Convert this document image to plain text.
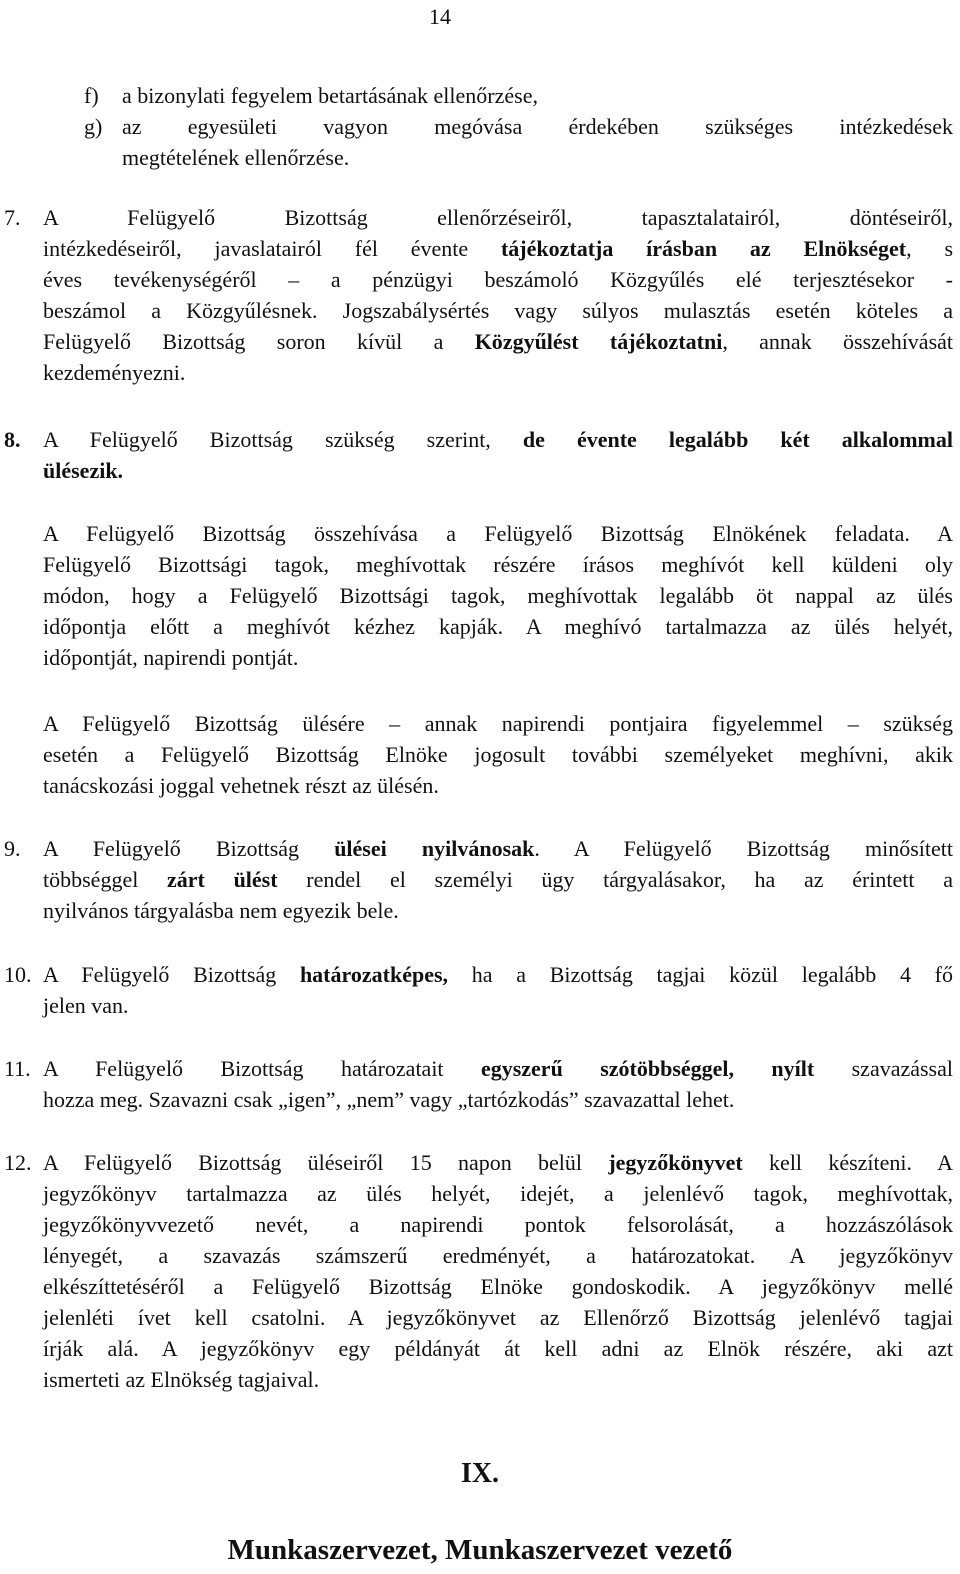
14
f) a bizonylati fegyelem betartásának ellenőrzése,
g) az egyesületi vagyon megóvása érdekében szükséges intézkedések
megtételének ellenőrzése.
7. A Felügyelő Bizottság ellenőrzéseiről, tapasztalatairól, döntéseiről,
intézkedéseiről, javaslatairól fél évente tájékoztatja írásban az Elnökséget, s
éves tevékenységéről – a pénzügyi beszámoló Közgyűlés elé terjesztésekor -
beszámol a Közgyűlésnek. Jogszabálysértés vagy súlyos mulasztás esetén köteles a
Felügyelő Bizottság soron kívül a Közgyűlést tájékoztatni, annak összehívását
kezdeményezni.
8. A Felügyelő Bizottság szükség szerint, de évente legalább két alkalommal
ülésezik.
A Felügyelő Bizottság összehívása a Felügyelő Bizottság Elnökének feladata. A
Felügyelő Bizottsági tagok, meghívottak részére írásos meghívót kell küldeni oly
módon, hogy a Felügyelő Bizottsági tagok, meghívottak legalább öt nappal az ülés
időpontja előtt a meghívót kézhez kapják. A meghívó tartalmazza az ülés helyét,
időpontját, napirendi pontját.
A Felügyelő Bizottság ülésére – annak napirendi pontjaira figyelemmel – szükség
esetén a Felügyelő Bizottság Elnöke jogosult további személyeket meghívni, akik
tanácskozási joggal vehetnek részt az ülésén.
9. A Felügyelő Bizottság ülései nyilvánosak. A Felügyelő Bizottság minősített
többséggel zárt ülést rendel el személyi ügy tárgyalásakor, ha az érintett a
nyilvános tárgyalásba nem egyezik bele.
10. A Felügyelő Bizottság határozatképes, ha a Bizottság tagjai közül legalább 4 fő
jelen van.
11. A Felügyelő Bizottság határozatait egyszerű szótöbbséggel, nyílt szavazással
hozza meg. Szavazni csak „igen”, „nem” vagy „tartózkodás” szavazattal lehet.
12. A Felügyelő Bizottság üléseiről 15 napon belül jegyzőkönyvet kell készíteni. A
jegyzőkönyv tartalmazza az ülés helyét, idejét, a jelenlévő tagok, meghívottak,
jegyzőkönyvvezető nevét, a napirendi pontok felsorolását, a hozzászólások
lényegét, a szavazás számszerű eredményét, a határozatokat. A jegyzőkönyv
elkészíttetéséről a Felügyelő Bizottság Elnöke gondoskodik. A jegyzőkönyv mellé
jelenléti ívet kell csatolni. A jegyzőkönyvet az Ellenőrző Bizottság jelenlévő tagjai
írják alá. A jegyzőkönyv egy példányát át kell adni az Elnök részére, aki azt
ismerteti az Elnökség tagjaival.
IX.
Munkaszervezet, Munkaszervezet vezető
